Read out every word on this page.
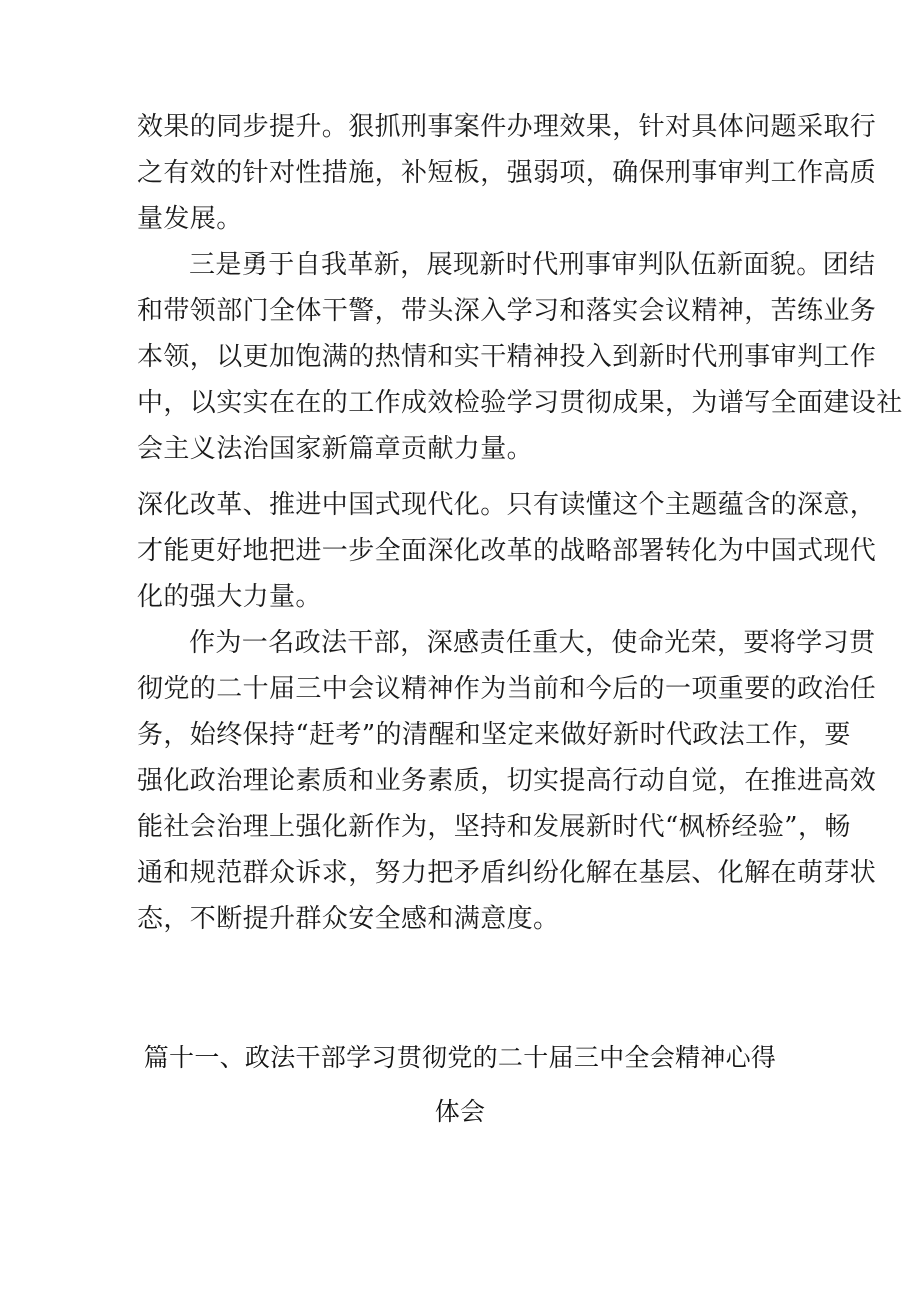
效果的同步提升。狠抓刑事案件办理效果，针对具体问题采取行
之有效的针对性措施，补短板，强弱项，确保刑事审判工作高质
量发展。
三是勇于自我革新，展现新时代刑事审判队伍新面貌。团结
和带领部门全体干警，带头深入学习和落实会议精神，苦练业务
本领，以更加饱满的热情和实干精神投入到新时代刑事审判工作
中，以实实在在的工作成效检验学习贯彻成果，为谱写全面建设社
会主义法治国家新篇章贡献力量。
深化改革、推进中国式现代化。只有读懂这个主题蕴含的深意，
才能更好地把进一步全面深化改革的战略部署转化为中国式现代
化的强大力量。
作为一名政法干部，深感责任重大，使命光荣，要将学习贯
彻党的二十届三中会议精神作为当前和今后的一项重要的政治任
务，始终保持“赶考”的清醒和坚定来做好新时代政法工作，要
强化政治理论素质和业务素质，切实提高行动自觉，在推进高效
能社会治理上强化新作为，坚持和发展新时代“枫桥经验”，畅
通和规范群众诉求，努力把矛盾纠纷化解在基层、化解在萌芽状
态，不断提升群众安全感和满意度。
篇十一、政法干部学习贯彻党的二十届三中全会精神心得
体会
